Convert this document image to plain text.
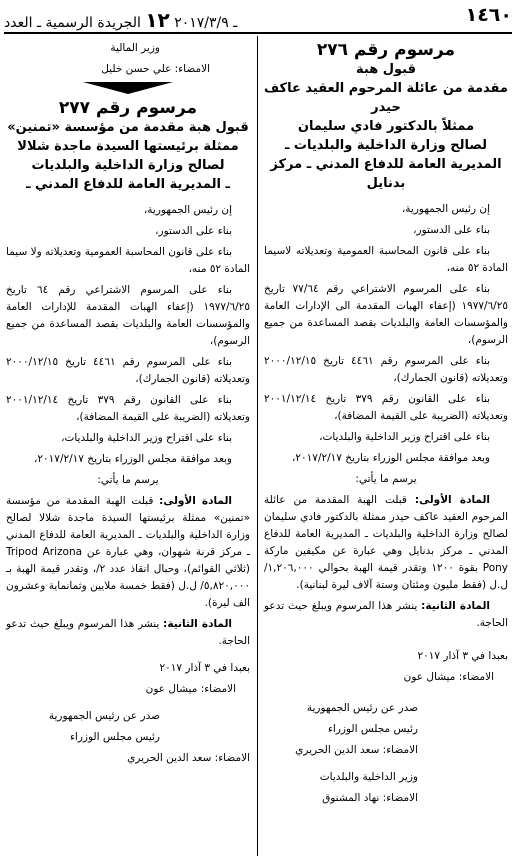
١٤٦٠
ـ ٢٠١٧/٣/٩ ١٢ الجريدة الرسمية ـ العدد
مرسوم رقم ٢٧٦
قبول هبة
مقدمة من عائلة المرحوم العقيد عاكف حيدر
ممثلاً بالدكتور فادي سليمان
لصالح وزارة الداخلية والبلديات ـ
المديرية العامة للدفاع المدني ـ مركز بدنايل

إن رئيس الجمهورية،

بناء على الدستور،

بناء على قانون المحاسبة العمومية وتعديلاته لاسيما المادة ٥٢ منه،

بناء على المرسوم الاشتراعي رقم ٧٧/٦٤ تاريخ ١٩٧٧/٦/٢٥ (إعفاء الهبات المقدمة الى الإدارات العامة والمؤسسات العامة والبلديات بقصد المساعدة من جميع الرسوم)،

بناء على المرسوم رقم ٤٤٦١ تاريخ ٢٠٠٠/١٢/١٥ وتعديلاته (قانون الجمارك)،

بناء على القانون رقم ٣٧٩ تاريخ ٢٠٠١/١٢/١٤ وتعديلاته (الضريبة على القيمة المضافة)،

بناء على اقتراح وزير الداخلية والبلديات،

وبعد موافقة مجلس الوزراء بتاريخ ٢٠١٧/٢/١٧،

يرسم ما يأتي:

المادة الأولى: قبلت الهبة المقدمة من عائلة المرحوم العقيد عاكف حيدر ممثلة بالدكتور فادي سليمان لصالح وزارة الداخلية والبلديات ـ المديرية العامة للدفاع المدني ـ مركز بدنايل وهي عبارة عن مكيفين ماركة Pony بقوة ١٢٠٠ وتقدر قيمة الهبة بحوالي ١,٢٠٦,٠٠٠/ ل.ل (فقط مليون ومئتان وستة آلاف ليرة لبنانية).

المادة الثانية: ينشر هذا المرسوم ويبلغ حيث تدعو الحاجة.

بعبدا في ٣ آذار ٢٠١٧

الامضاء: ميشال عون

صدر عن رئيس الجمهورية

رئيس مجلس الوزراء

الامضاء: سعد الدين الحريري

وزير الداخلية والبلديات

الامضاء: نهاد المشنوق

وزير المالية

الامضاء: علي حسن خليل

مرسوم رقم ٢٧٧
قبول هبة مقدمة من مؤسسة «تمنين»
ممثلة برئيستها السيدة ماجدة شلالا
لصالح وزارة الداخلية والبلديات
ـ المديرية العامة للدفاع المدني ـ

إن رئيس الجمهورية،

بناء على الدستور،

بناء على قانون المحاسبة العمومية وتعديلاته ولا سيما المادة ٥٢ منه،

بناء على المرسوم الاشتراعي رقم ٦٤ تاريخ ١٩٧٧/٦/٢٥ (إعفاء الهبات المقدمة للإدارات العامة والمؤسسات العامة والبلديات بقصد المساعدة من جميع الرسوم)،

بناء على المرسوم رقم ٤٤٦١ تاريخ ٢٠٠٠/١٢/١٥ وتعديلاته (قانون الجمارك)،

بناء على القانون رقم ٣٧٩ تاريخ ٢٠٠١/١٢/١٤ وتعديلاته (الضريبة على القيمة المضافة)،

بناء على اقتراح وزير الداخلية والبلديات،

وبعد موافقة مجلس الوزراء بتاريخ ٢٠١٧/٢/١٧،

يرسم ما يأتي:

المادة الأولى: قبلت الهبة المقدمة من مؤسسة «تمنين» ممثلة برئيستها السيدة ماجدة شلالا لصالح وزارة الداخلية والبلديات ـ المديرية العامة للدفاع المدني ـ مركز قرنة شهوان، وهي عبارة عن Tripod Arizona (ثلاثي القوائم)، وحبال انقاذ عدد ٢/، وتقدر قيمة الهبة بـ ٥,٨٢٠,٠٠٠/ ل.ل (فقط خمسة ملايين وثمانماية وعشرون الف ليرة).

المادة الثانية: ينشر هذا المرسوم ويبلغ حيث تدعو الحاجة.

بعبدا في ٣ آذار ٢٠١٧

الامضاء: ميشال عون

صدر عن رئيس الجمهورية

رئيس مجلس الوزراء

الامضاء: سعد الدين الحريري
